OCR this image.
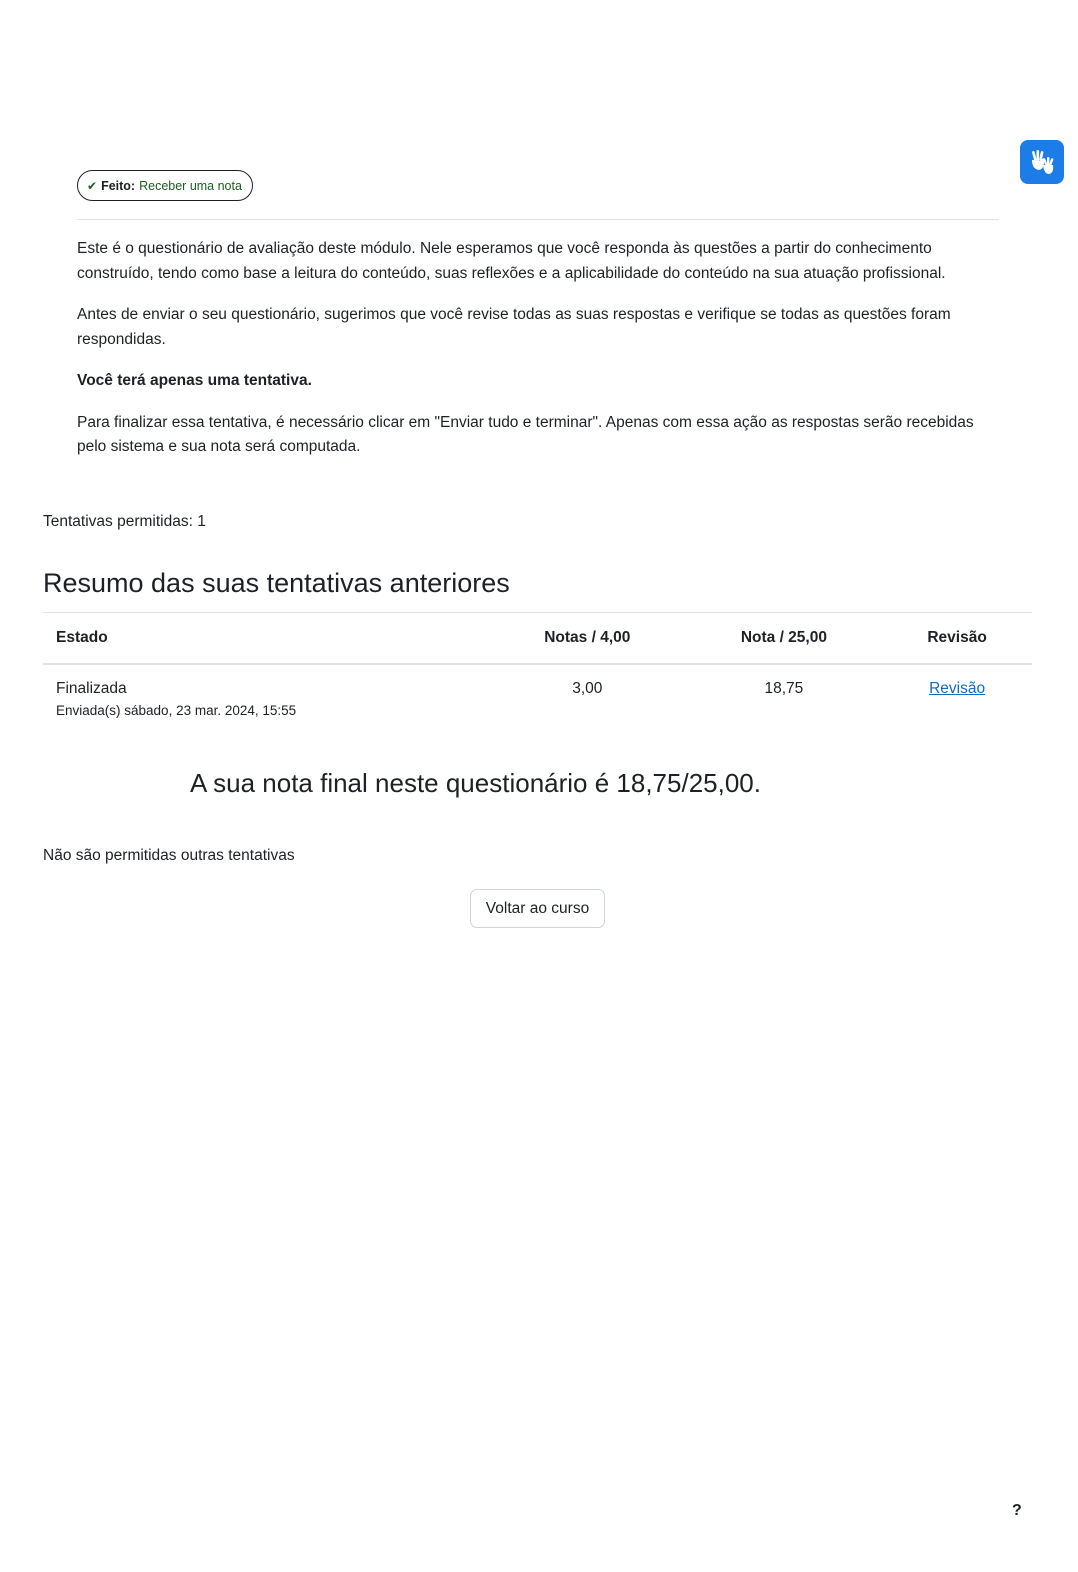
✔ Feito: Receber uma nota

Este é o questionário de avaliação deste módulo. Nele esperamos que você responda às questões a partir do conhecimento construído, tendo como base a leitura do conteúdo, suas reflexões e a aplicabilidade do conteúdo na sua atuação profissional.

Antes de enviar o seu questionário, sugerimos que você revise todas as suas respostas e verifique se todas as questões foram respondidas.

Você terá apenas uma tentativa.

Para finalizar essa tentativa, é necessário clicar em "Enviar tudo e terminar". Apenas com essa ação as respostas serão recebidas pelo sistema e sua nota será computada.

Tentativas permitidas: 1
Resumo das suas tentativas anteriores
Estado	Notas / 4,00	Nota / 25,00	Revisão
Finalizada
Enviada(s) sábado, 23 mar. 2024, 15:55	3,00	18,75	Revisão
A sua nota final neste questionário é 18,75/25,00.
Não são permitidas outras tentativas
Voltar ao curso
?
